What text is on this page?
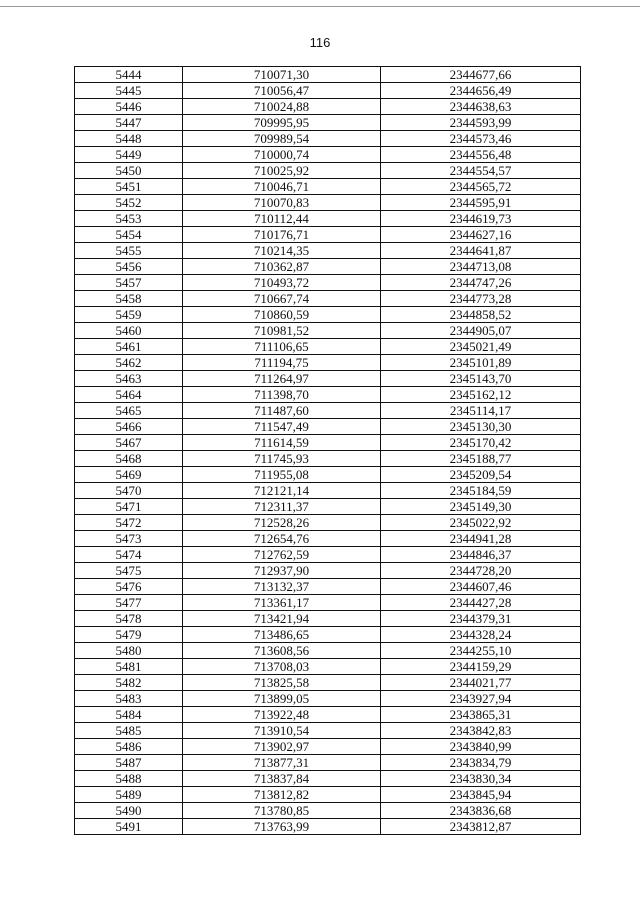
116
5444	710071,30	2344677,66
5445	710056,47	2344656,49
5446	710024,88	2344638,63
5447	709995,95	2344593,99
5448	709989,54	2344573,46
5449	710000,74	2344556,48
5450	710025,92	2344554,57
5451	710046,71	2344565,72
5452	710070,83	2344595,91
5453	710112,44	2344619,73
5454	710176,71	2344627,16
5455	710214,35	2344641,87
5456	710362,87	2344713,08
5457	710493,72	2344747,26
5458	710667,74	2344773,28
5459	710860,59	2344858,52
5460	710981,52	2344905,07
5461	711106,65	2345021,49
5462	711194,75	2345101,89
5463	711264,97	2345143,70
5464	711398,70	2345162,12
5465	711487,60	2345114,17
5466	711547,49	2345130,30
5467	711614,59	2345170,42
5468	711745,93	2345188,77
5469	711955,08	2345209,54
5470	712121,14	2345184,59
5471	712311,37	2345149,30
5472	712528,26	2345022,92
5473	712654,76	2344941,28
5474	712762,59	2344846,37
5475	712937,90	2344728,20
5476	713132,37	2344607,46
5477	713361,17	2344427,28
5478	713421,94	2344379,31
5479	713486,65	2344328,24
5480	713608,56	2344255,10
5481	713708,03	2344159,29
5482	713825,58	2344021,77
5483	713899,05	2343927,94
5484	713922,48	2343865,31
5485	713910,54	2343842,83
5486	713902,97	2343840,99
5487	713877,31	2343834,79
5488	713837,84	2343830,34
5489	713812,82	2343845,94
5490	713780,85	2343836,68
5491	713763,99	2343812,87
